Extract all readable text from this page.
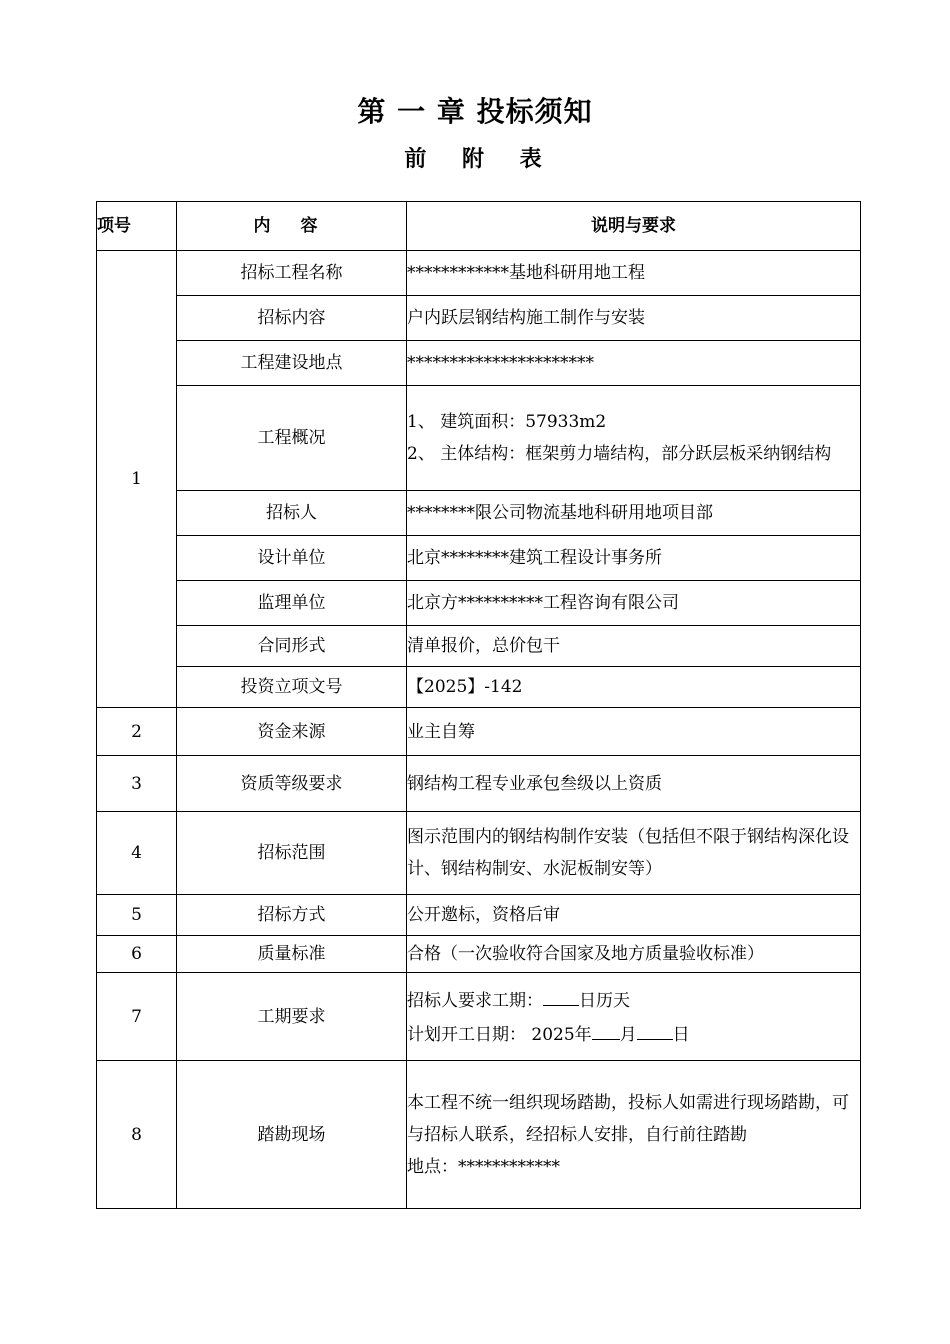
第 一 章 投标须知
前 附 表
项号	内 容	说明与要求
1	招标工程名称	************基地科研用地工程
	招标内容	户内跃层钢结构施工制作与安装
	工程建设地点	**********************
	工程概况	1、 建筑面积：57933m2
2、 主体结构：框架剪力墙结构，部分跃层板采纳钢结构

	招标人	********限公司物流基地科研用地项目部
	设计单位	北京********建筑工程设计事务所
	监理单位	北京方**********工程咨询有限公司
	合同形式	清单报价，总价包干
	投资立项文号	【2025】-142
2	资金来源	业主自筹
3	资质等级要求	钢结构工程专业承包叁级以上资质
4	招标范围	图示范围内的钢结构制作安装（包括但不限于钢结构深化设计、钢结构制安、水泥板制安等）
5	招标方式	公开邀标，资格后审
6	质量标准	合格（一次验收符合国家及地方质量验收标准）
7	工期要求	招标人要求工期： 日历天
计划开工日期： 2025年 月 日

8	踏勘现场	本工程不统一组织现场踏勘，投标人如需进行现场踏勘，可与招标人联系，经招标人安排，自行前往踏勘
地点：************
